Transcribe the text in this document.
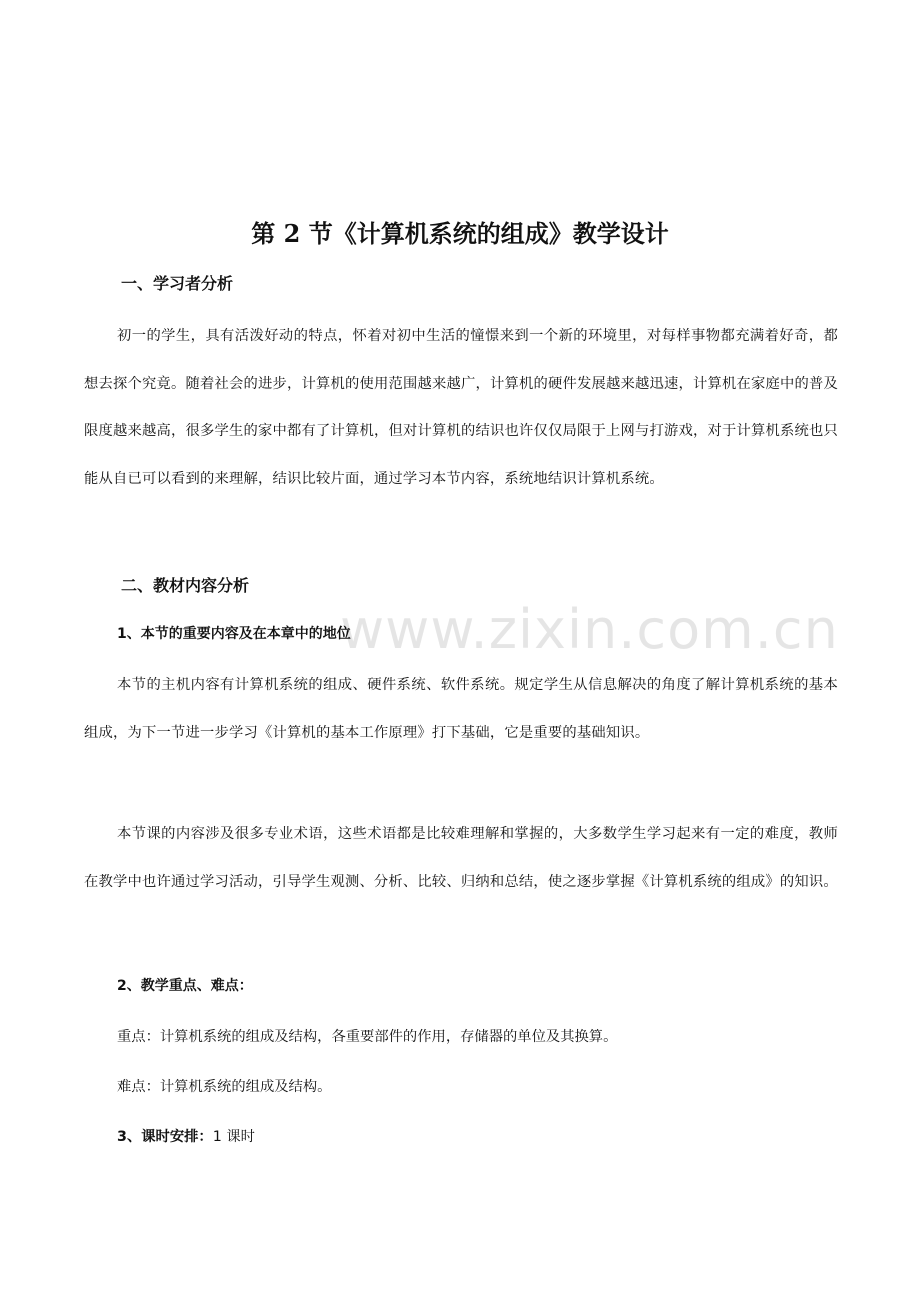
www.zixin.com.cn
第 2 节《计算机系统的组成》教学设计
一、学习者分析
初一的学生，具有活泼好动的特点，怀着对初中生活的憧憬来到一个新的环境里，对每样事物都充满着好奇，都想去探个究竟。随着社会的进步，计算机的使用范围越来越广，计算机的硬件发展越来越迅速，计算机在家庭中的普及限度越来越高，很多学生的家中都有了计算机，但对计算机的结识也许仅仅局限于上网与打游戏，对于计算机系统也只能从自已可以看到的来理解，结识比较片面，通过学习本节内容，系统地结识计算机系统。
二、教材内容分析
1、本节的重要内容及在本章中的地位
本节的主机内容有计算机系统的组成、硬件系统、软件系统。规定学生从信息解决的角度了解计算机系统的基本组成，为下一节进一步学习《计算机的基本工作原理》打下基础，它是重要的基础知识。
本节课的内容涉及很多专业术语，这些术语都是比较难理解和掌握的，大多数学生学习起来有一定的难度，教师在教学中也许通过学习活动，引导学生观测、分析、比较、归纳和总结，使之逐步掌握《计算机系统的组成》的知识。
2、教学重点、难点：
重点：计算机系统的组成及结构，各重要部件的作用，存储器的单位及其换算。
难点：计算机系统的组成及结构。
3、课时安排：1 课时
